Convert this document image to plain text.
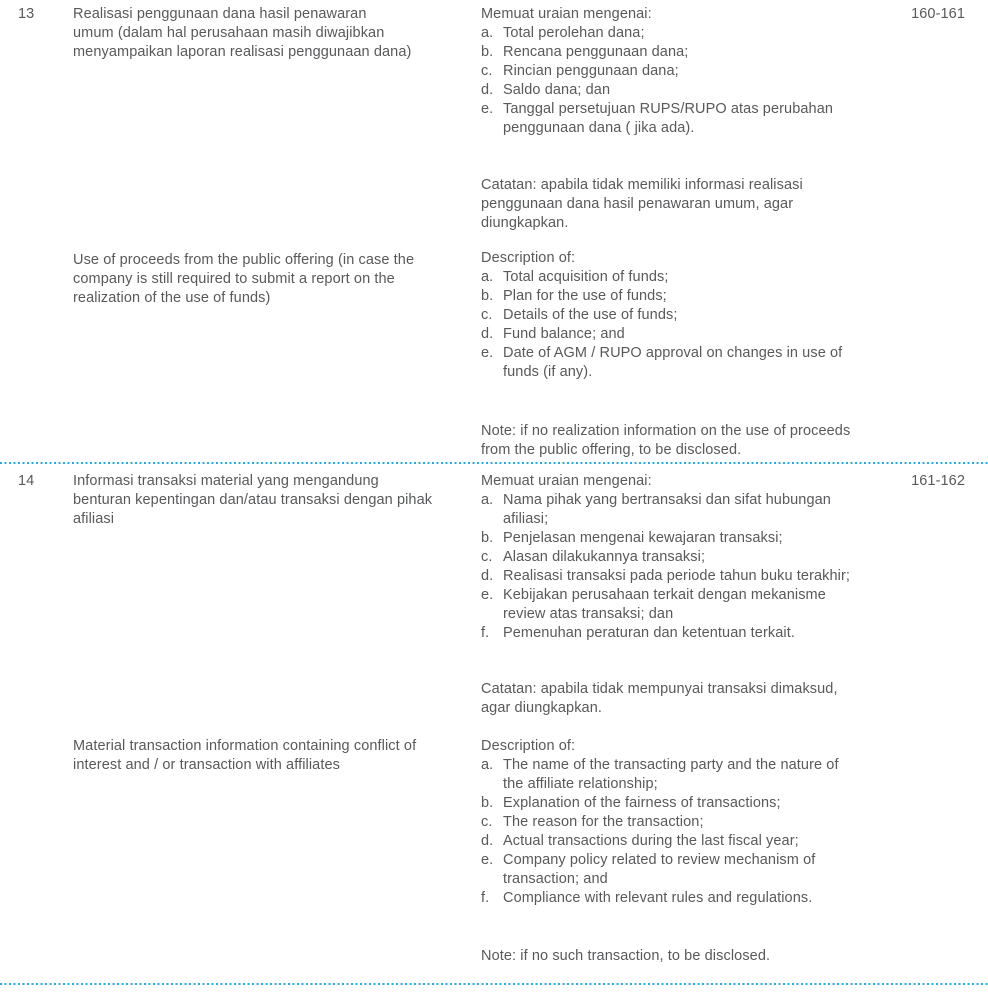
13	Realisasi penggunaan dana hasil penawaran
umum (dalam hal perusahaan masih diwajibkan
menyampaikan laporan realisasi penggunaan dana)
Memuat uraian mengenai:
a. Total perolehan dana;
b. Rencana penggunaan dana;
c. Rincian penggunaan dana;
d. Saldo dana; dan
e. Tanggal persetujuan RUPS/RUPO atas perubahan
penggunaan dana ( jika ada).
Catatan: apabila tidak memiliki informasi realisasi
penggunaan dana hasil penawaran umum, agar
diungkapkan.
Use of proceeds from the public offering (in case the
company is still required to submit a report on the
realization of the use of funds)
Description of:
a. Total acquisition of funds;
b. Plan for the use of funds;
c. Details of the use of funds;
d. Fund balance; and
e. Date of AGM / RUPO approval on changes in use of
funds (if any).
Note: if no realization information on the use of proceeds
from the public offering, to be disclosed.
160-161
14	Informasi transaksi material yang mengandung
benturan kepentingan dan/atau transaksi dengan pihak
afiliasi
Memuat uraian mengenai:
a. Nama pihak yang bertransaksi dan sifat hubungan
afiliasi;
b. Penjelasan mengenai kewajaran transaksi;
c. Alasan dilakukannya transaksi;
d. Realisasi transaksi pada periode tahun buku terakhir;
e. Kebijakan perusahaan terkait dengan mekanisme
review atas transaksi; dan
f. Pemenuhan peraturan dan ketentuan terkait.
Catatan: apabila tidak mempunyai transaksi dimaksud,
agar diungkapkan.
Material transaction information containing conflict of
interest and / or transaction with affiliates
Description of:
a. The name of the transacting party and the nature of
the affiliate relationship;
b. Explanation of the fairness of transactions;
c. The reason for the transaction;
d. Actual transactions during the last fiscal year;
e. Company policy related to review mechanism of
transaction; and
f. Compliance with relevant rules and regulations.
Note: if no such transaction, to be disclosed.
161-162
